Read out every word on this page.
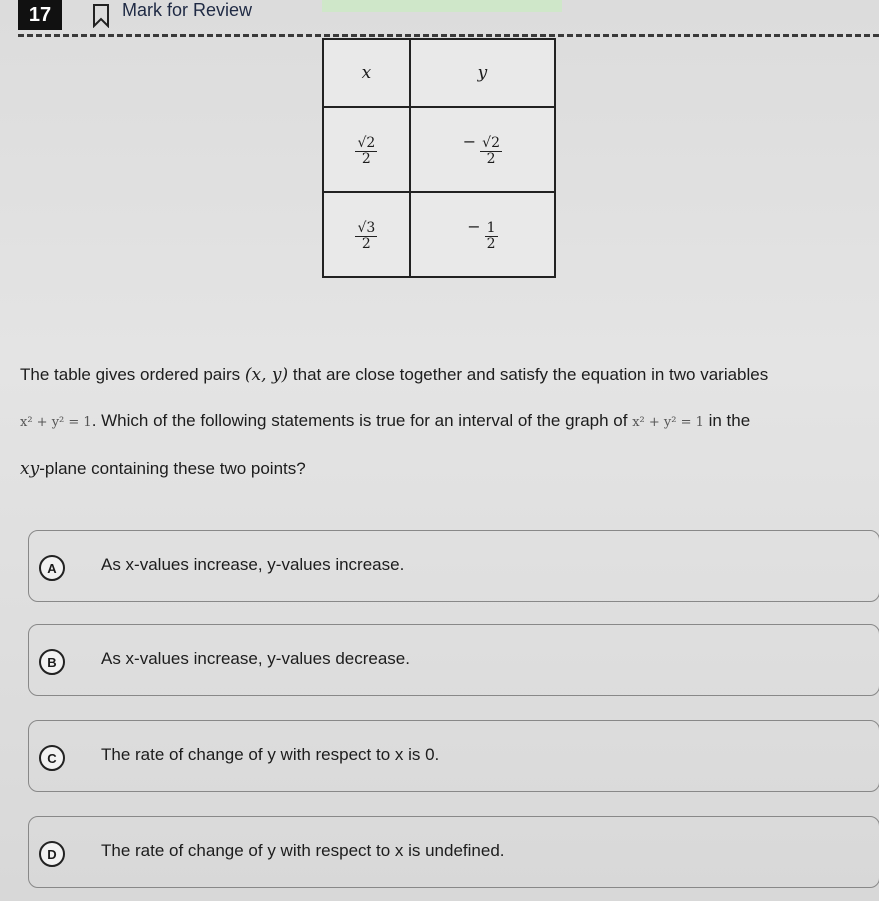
17	Mark for Review
x	y

$\frac{√2}{2}$	− $\frac{√2}{2}$

$\frac{√3}{2}$	− $\frac{1}{2}$
The table gives ordered pairs (x, y) that are close together and satisfy the equation in two variables
x² + y² = 1. Which of the following statements is true for an interval of the graph of x² + y² = 1 in the
xy-plane containing these two points?
A	As x-values increase, y-values increase.
B	As x-values increase, y-values decrease.
C	The rate of change of y with respect to x is 0.
D	The rate of change of y with respect to x is undefined.
